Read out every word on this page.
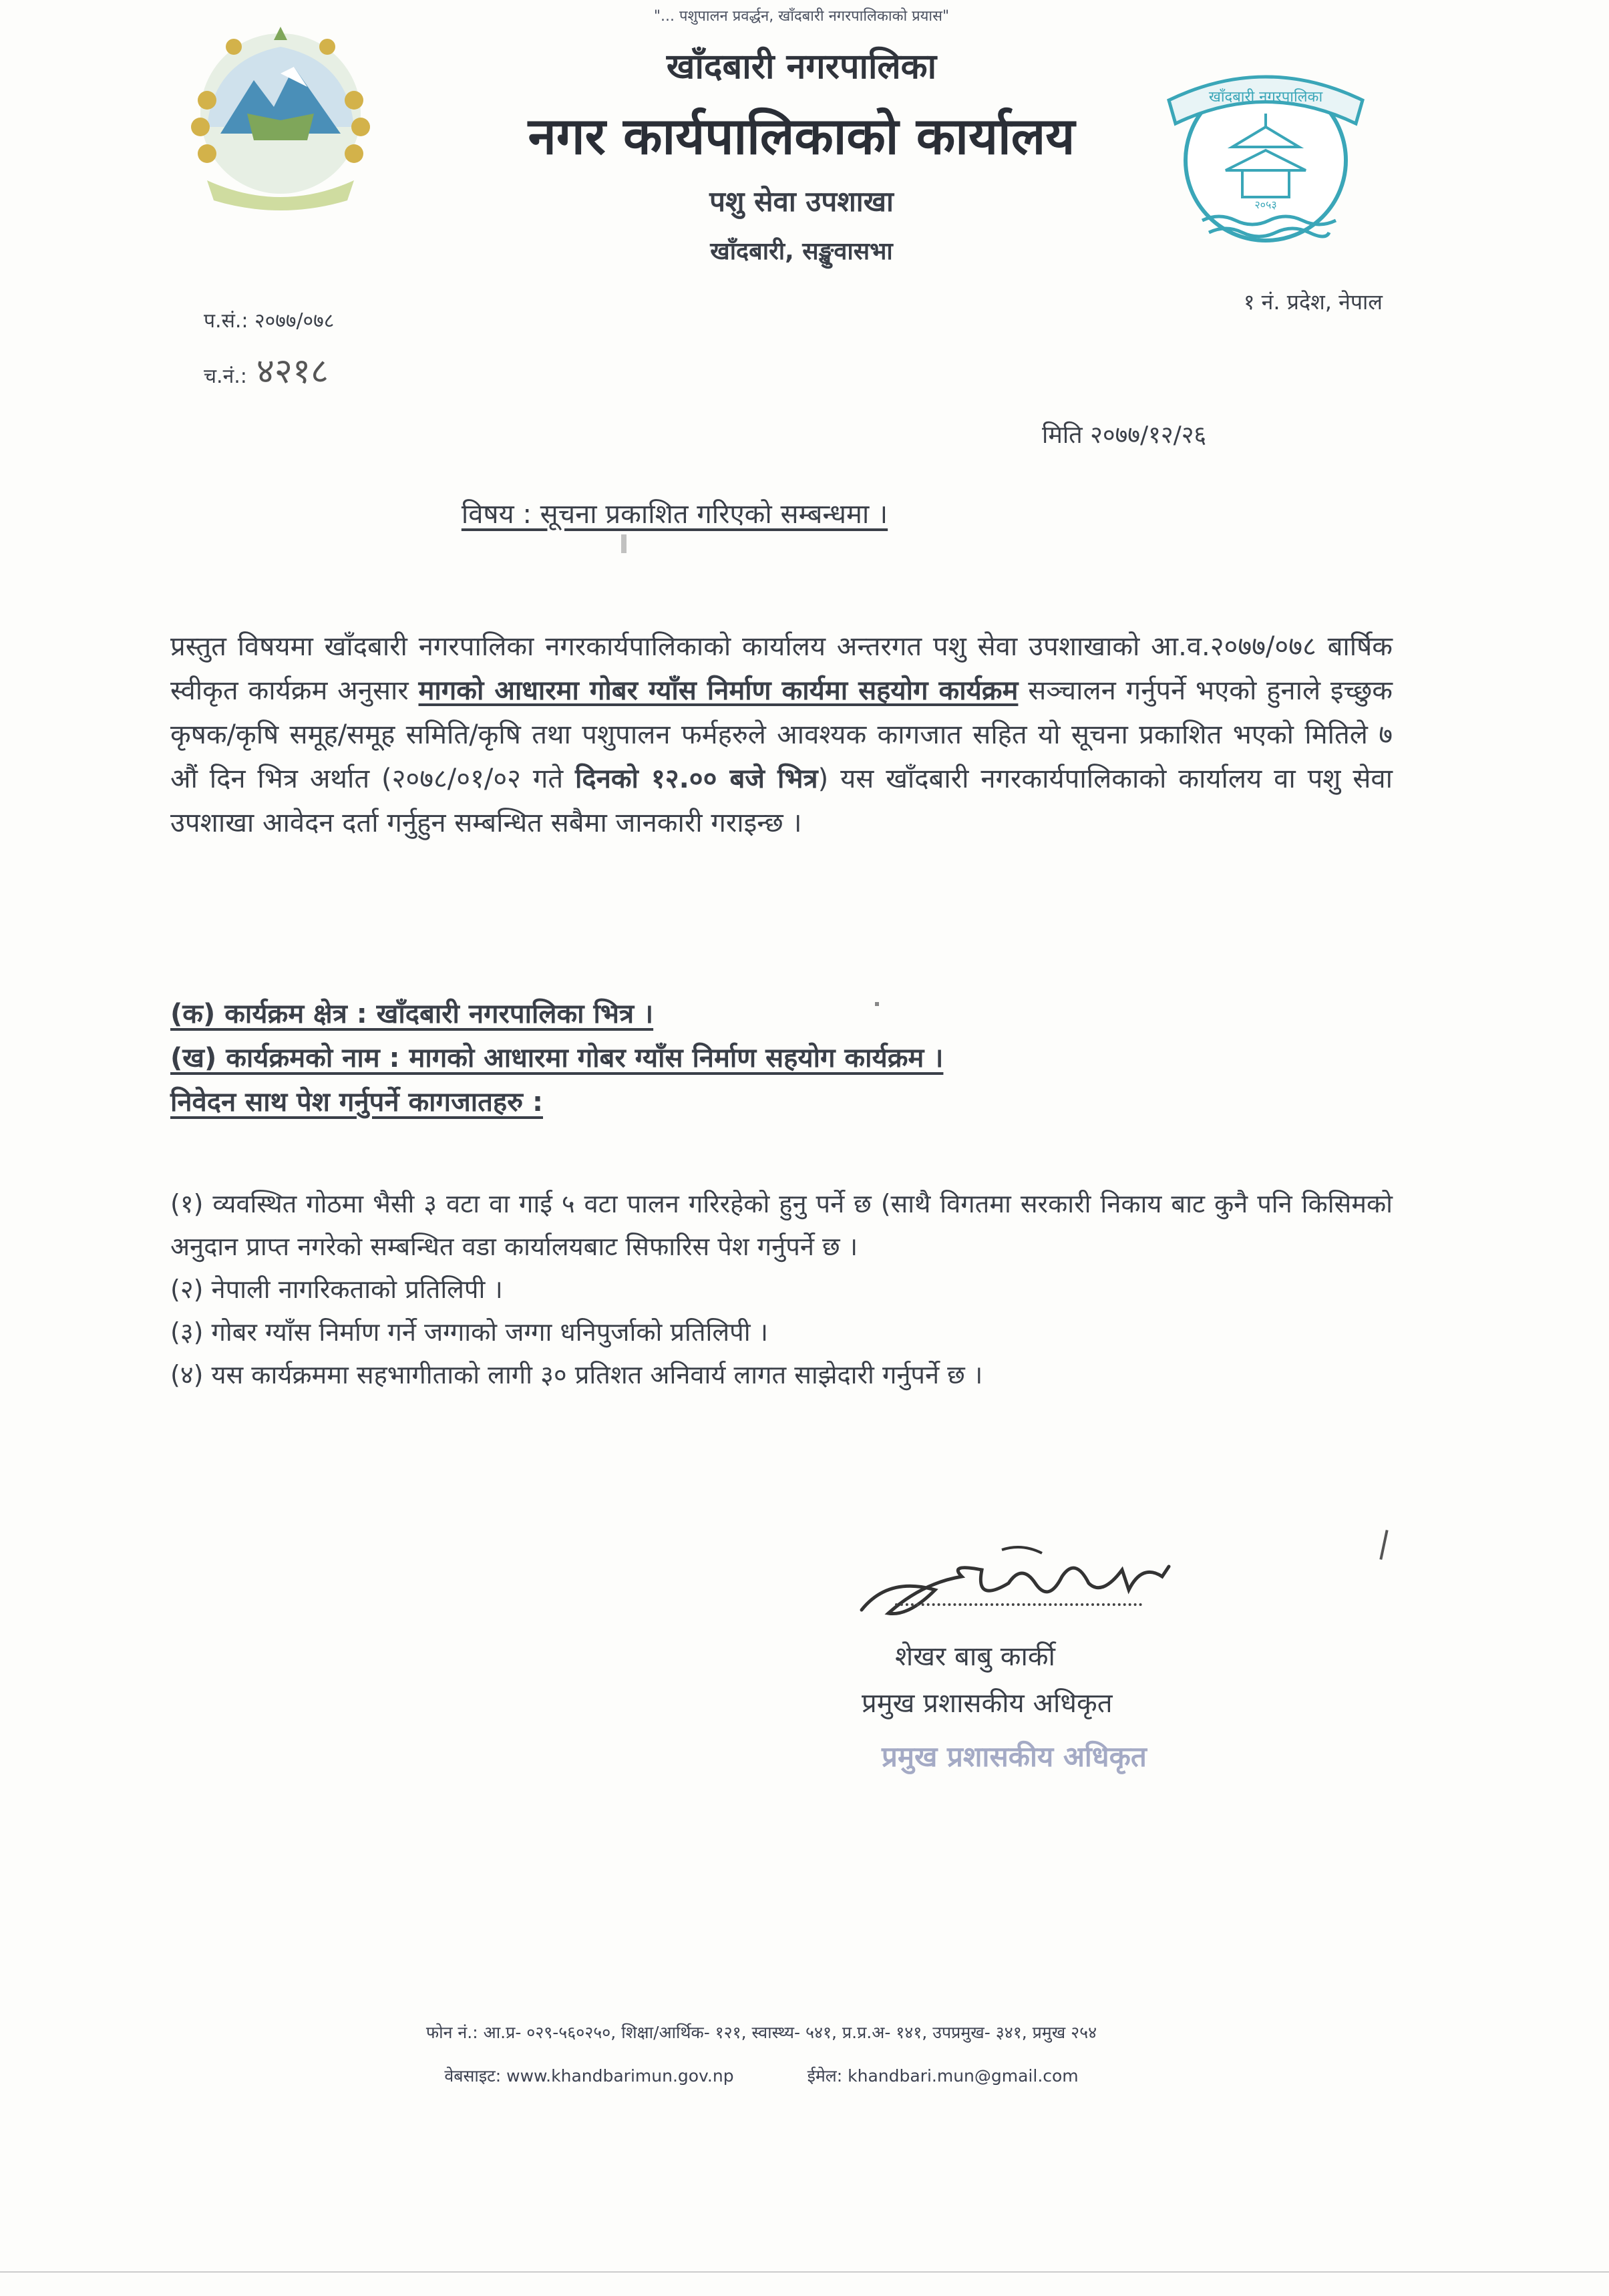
खाँदबारी नगरपालिका
२०५३
"... पशुपालन प्रवर्द्धन, खाँदबारी नगरपालिकाको प्रयास"
खाँदबारी नगरपालिका
नगर कार्यपालिकाको कार्यालय
पशु सेवा उपशाखा
खाँदबारी, सङ्खुवासभा
१ नं. प्रदेश, नेपाल
प.सं.: २०७७/०७८
च.नं.: ४२१८
मिति २०७७/१२/२६
विषय : सूचना प्रकाशित गरिएको सम्बन्धमा ।
प्रस्तुत विषयमा खाँदबारी नगरपालिका नगरकार्यपालिकाको कार्यालय अन्तरगत पशु सेवा उपशाखाको आ.व.२०७७/०७८ बार्षिक स्वीकृत कार्यक्रम अनुसार मागको आधारमा गोबर ग्याँस निर्माण कार्यमा सहयोग कार्यक्रम सञ्चालन गर्नुपर्ने भएको हुनाले इच्छुक कृषक/कृषि समूह/समूह समिति/कृषि तथा पशुपालन फर्महरुले आवश्यक कागजात सहित यो सूचना प्रकाशित भएको मितिले ७ औं दिन भित्र अर्थात (२०७८/०१/०२ गते दिनको १२.०० बजे भित्र) यस खाँदबारी नगरकार्यपालिकाको कार्यालय वा पशु सेवा उपशाखा आवेदन दर्ता गर्नुहुन सम्बन्धित सबैमा जानकारी गराइन्छ ।
(क) कार्यक्रम क्षेत्र : खाँदबारी नगरपालिका भित्र ।
(ख) कार्यक्रमको नाम : मागको आधारमा गोबर ग्याँस निर्माण सहयोग कार्यक्रम ।
निवेदन साथ पेश गर्नुपर्ने कागजातहरु :
(१) व्यवस्थित गोठमा भैसी ३ वटा वा गाई ५ वटा पालन गरिरहेको हुनु पर्ने छ (साथै विगतमा सरकारी निकाय बाट कुनै पनि किसिमको अनुदान प्राप्त नगरेको सम्बन्धित वडा कार्यालयबाट सिफारिस पेश गर्नुपर्ने छ ।
(२) नेपाली नागरिकताको प्रतिलिपी ।
(३) गोबर ग्याँस निर्माण गर्ने जग्गाको जग्गा धनिपुर्जाको प्रतिलिपी ।
(४) यस कार्यक्रममा सहभागीताको लागी ३० प्रतिशत अनिवार्य लागत साझेदारी गर्नुपर्ने छ ।
शेखर बाबु कार्की
प्रमुख प्रशासकीय अधिकृत
प्रमुख प्रशासकीय अधिकृत
फोन नं.: आ.प्र- ०२९-५६०२५०, शिक्षा/आर्थिक- १२१, स्वास्थ्य- ५४१, प्र.प्र.अ- १४१, उपप्रमुख- ३४१, प्रमुख २५४
वेबसाइट: www.khandbarimun.gov.np	ईमेल: khandbari.mun@gmail.com
